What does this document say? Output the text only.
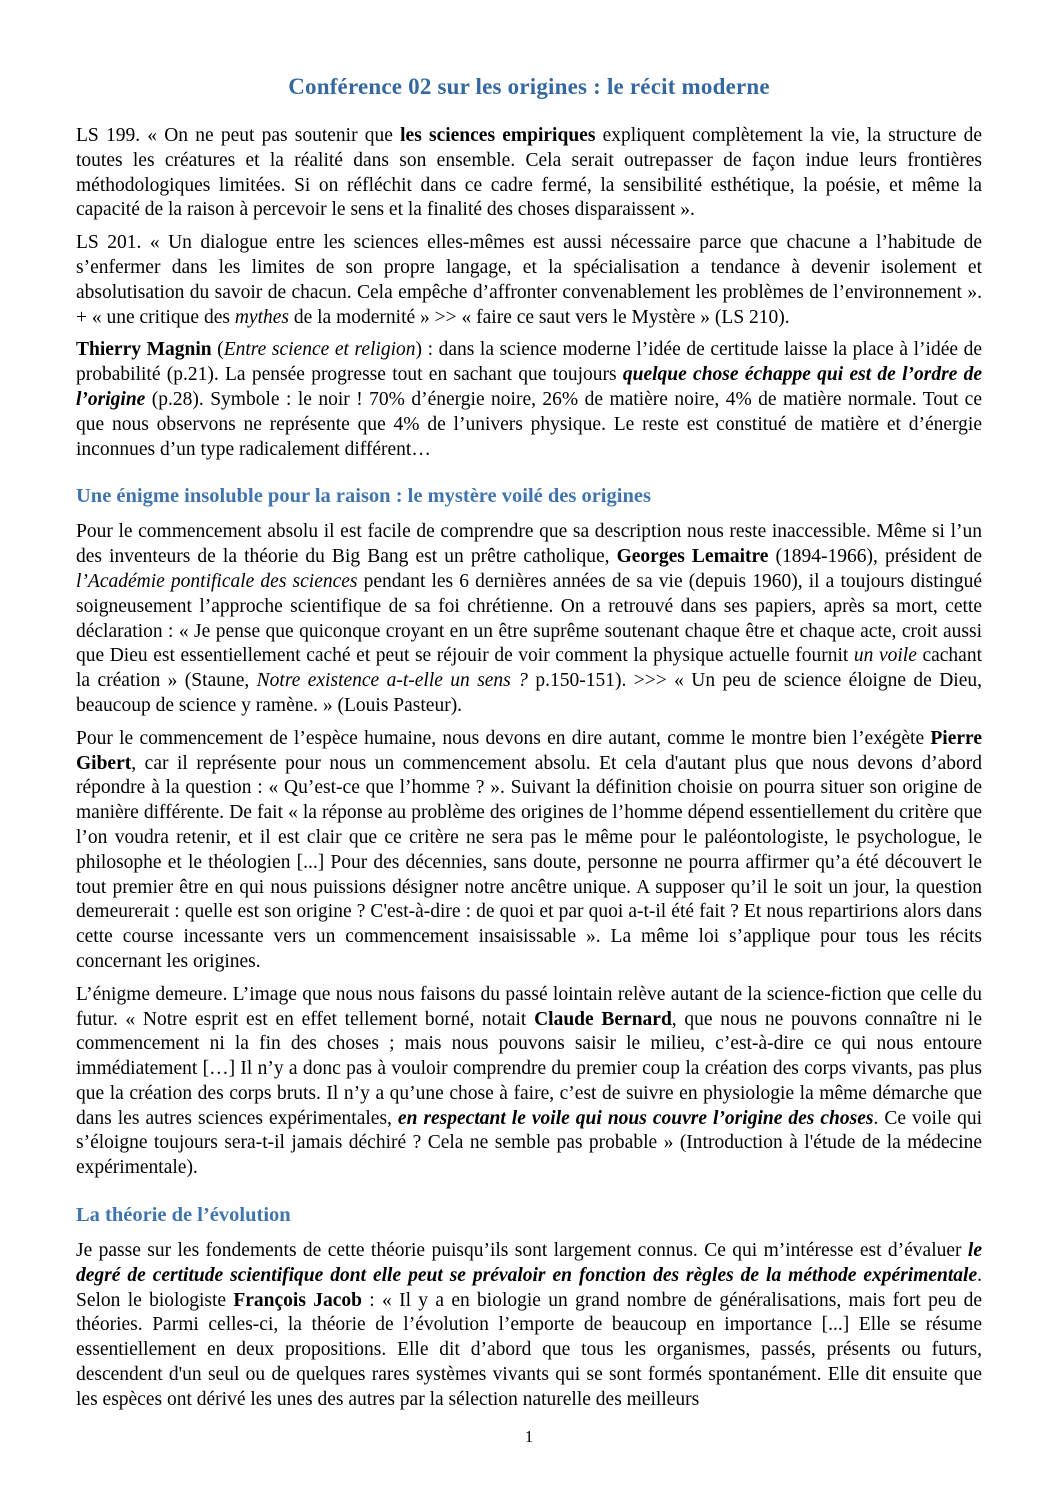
Conférence 02 sur les origines : le récit moderne

LS 199. « On ne peut pas soutenir que les sciences empiriques expliquent complètement la vie, la structure de toutes les créatures et la réalité dans son ensemble. Cela serait outrepasser de façon indue leurs frontières méthodologiques limitées. Si on réfléchit dans ce cadre fermé, la sensibilité esthétique, la poésie, et même la capacité de la raison à percevoir le sens et la finalité des choses disparaissent ».

LS 201. « Un dialogue entre les sciences elles-mêmes est aussi nécessaire parce que chacune a l’habitude de s’enfermer dans les limites de son propre langage, et la spécialisation a tendance à devenir isolement et absolutisation du savoir de chacun. Cela empêche d’affronter convenablement les problèmes de l’environnement ». + « une critique des mythes de la modernité » >> « faire ce saut vers le Mystère » (LS 210).

Thierry Magnin (Entre science et religion) : dans la science moderne l’idée de certitude laisse la place à l’idée de probabilité (p.21). La pensée progresse tout en sachant que toujours quelque chose échappe qui est de l’ordre de l’origine (p.28). Symbole : le noir ! 70% d’énergie noire, 26% de matière noire, 4% de matière normale. Tout ce que nous observons ne représente que 4% de l’univers physique. Le reste est constitué de matière et d’énergie inconnues d’un type radicalement différent…

Une énigme insoluble pour la raison : le mystère voilé des origines

Pour le commencement absolu il est facile de comprendre que sa description nous reste inaccessible. Même si l’un des inventeurs de la théorie du Big Bang est un prêtre catholique, Georges Lemaitre (1894-1966), président de l’Académie pontificale des sciences pendant les 6 dernières années de sa vie (depuis 1960), il a toujours distingué soigneusement l’approche scientifique de sa foi chrétienne. On a retrouvé dans ses papiers, après sa mort, cette déclaration : « Je pense que quiconque croyant en un être suprême soutenant chaque être et chaque acte, croit aussi que Dieu est essentiellement caché et peut se réjouir de voir comment la physique actuelle fournit un voile cachant la création » (Staune, Notre existence a-t-elle un sens ? p.150-151). >>> « Un peu de science éloigne de Dieu, beaucoup de science y ramène. » (Louis Pasteur).

Pour le commencement de l’espèce humaine, nous devons en dire autant, comme le montre bien l’exégète Pierre Gibert, car il représente pour nous un commencement absolu. Et cela d'autant plus que nous devons d’abord répondre à la question : « Qu’est-ce que l’homme ? ». Suivant la définition choisie on pourra situer son origine de manière différente. De fait « la réponse au problème des origines de l’homme dépend essentiellement du critère que l’on voudra retenir, et il est clair que ce critère ne sera pas le même pour le paléontologiste, le psychologue, le philosophe et le théologien [...] Pour des décennies, sans doute, personne ne pourra affirmer qu’a été découvert le tout premier être en qui nous puissions désigner notre ancêtre unique. A supposer qu’il le soit un jour, la question demeurerait : quelle est son origine ? C'est-à-dire : de quoi et par quoi a-t-il été fait ? Et nous repartirions alors dans cette course incessante vers un commencement insaisissable ». La même loi s’applique pour tous les récits concernant les origines.

L’énigme demeure. L’image que nous nous faisons du passé lointain relève autant de la science-fiction que celle du futur. « Notre esprit est en effet tellement borné, notait Claude Bernard, que nous ne pouvons connaître ni le commencement ni la fin des choses ; mais nous pouvons saisir le milieu, c’est-à-dire ce qui nous entoure immédiatement […] Il n’y a donc pas à vouloir comprendre du premier coup la création des corps vivants, pas plus que la création des corps bruts. Il n’y a qu’une chose à faire, c’est de suivre en physiologie la même démarche que dans les autres sciences expérimentales, en respectant le voile qui nous couvre l’origine des choses. Ce voile qui s’éloigne toujours sera-t-il jamais déchiré ? Cela ne semble pas probable » (Introduction à l'étude de la médecine expérimentale).

La théorie de l’évolution

Je passe sur les fondements de cette théorie puisqu’ils sont largement connus. Ce qui m’intéresse est d’évaluer le degré de certitude scientifique dont elle peut se prévaloir en fonction des règles de la méthode expérimentale. Selon le biologiste François Jacob : « Il y a en biologie un grand nombre de généralisations, mais fort peu de théories. Parmi celles-ci, la théorie de l’évolution l’emporte de beaucoup en importance [...] Elle se résume essentiellement en deux propositions. Elle dit d’abord que tous les organismes, passés, présents ou futurs, descendent d'un seul ou de quelques rares systèmes vivants qui se sont formés spontanément. Elle dit ensuite que les espèces ont dérivé les unes des autres par la sélection naturelle des meilleurs

1
